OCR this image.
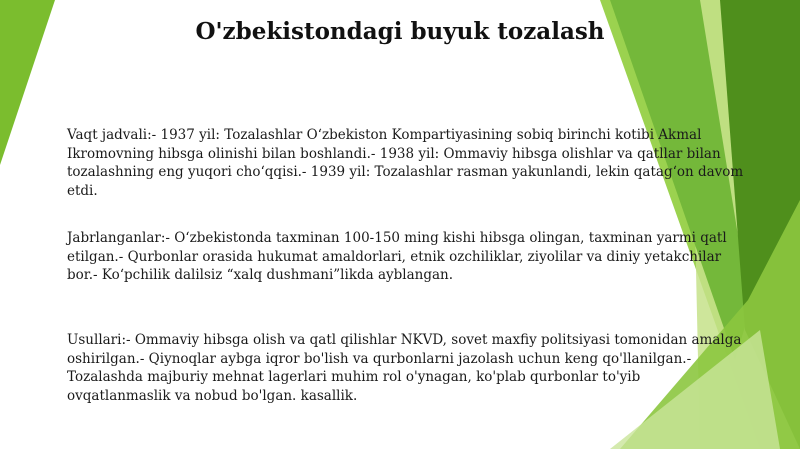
O'zbekistondagi buyuk tozalash

Vaqt jadvali:- 1937 yil: Tozalashlar O‘zbekiston Kompartiyasining sobiq birinchi kotibi Akmal Ikromovning hibsga olinishi bilan boshlandi.- 1938 yil: Ommaviy hibsga olishlar va qatllar bilan tozalashning eng yuqori cho‘qqisi.- 1939 yil: Tozalashlar rasman yakunlandi, lekin qatag‘on davom etdi.

Jabrlanganlar:- O‘zbekistonda taxminan 100-150 ming kishi hibsga olingan, taxminan yarmi qatl etilgan.- Qurbonlar orasida hukumat amaldorlari, etnik ozchiliklar, ziyolilar va diniy yetakchilar bor.- Ko‘pchilik dalilsiz “xalq dushmani”likda ayblangan.

Usullari:- Ommaviy hibsga olish va qatl qilishlar NKVD, sovet maxfiy politsiyasi tomonidan amalga oshirilgan.- Qiynoqlar aybga iqror bo'lish va qurbonlarni jazolash uchun keng qo'llanilgan.- Tozalashda majburiy mehnat lagerlari muhim rol o'ynagan, ko'plab qurbonlar to'yib ovqatlanmaslik va nobud bo'lgan. kasallik.
